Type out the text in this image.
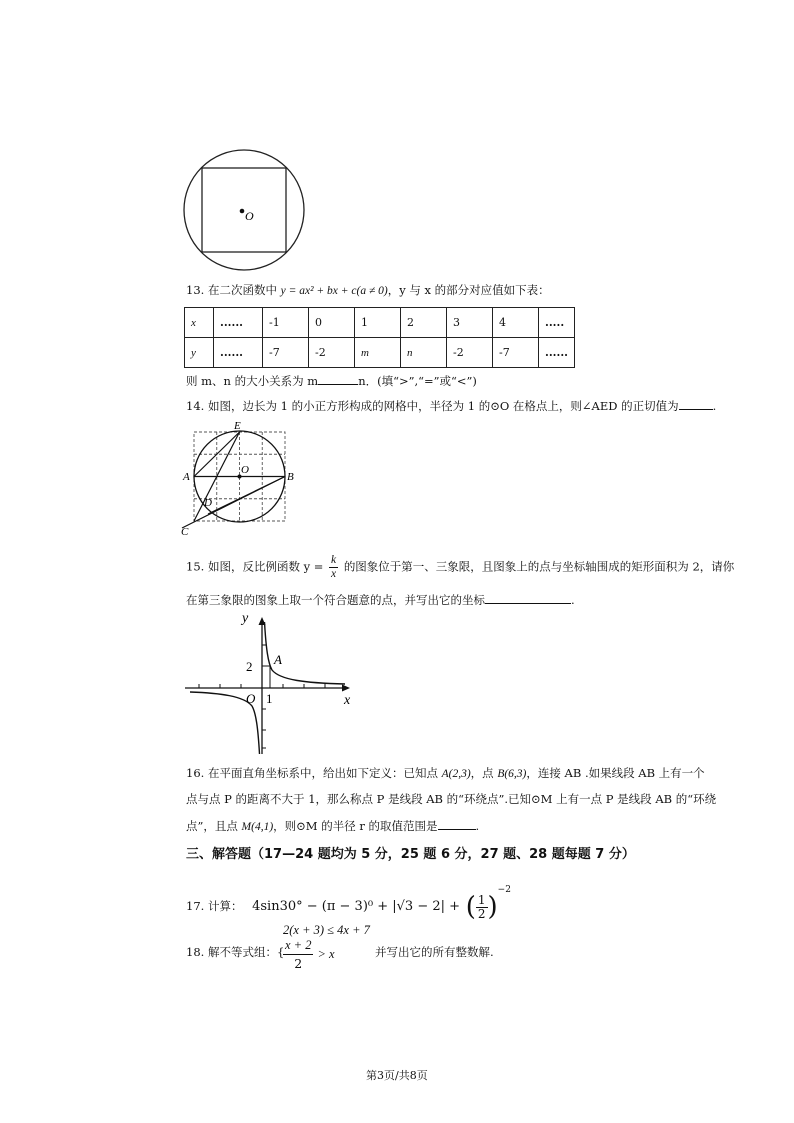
O
13. 在二次函数中 y = ax² + bx + c(a ≠ 0)，y 与 x 的部分对应值如下表：
x	......	-1	0	1	2	3	4	.....
y	......	-7	-2	m	n	-2	-7	......
则 m、n 的大小关系为 m	n．(填“>”,“=”或“<”)
14. 如图，边长为 1 的小正方形构成的网格中，半径为 1 的⊙O 在格点上，则∠AED 的正切值为	.
E
A
O
B
D
C
15. 如图，反比例函数 $y = \frac{k}{x}$ 的图象位于第一、三象限，且图象上的点与坐标轴围成的矩形面积为 2，请你
在第三象限的图象上取一个符合题意的点，并写出它的坐标	.
y
x
2 A
O 1
16. 在平面直角坐标系中，给出如下定义：已知点 A(2,3)，点 B(6,3)，连接 AB .如果线段 AB 上有一个
点与点 P 的距离不大于 1，那么称点 P 是线段 AB 的“环绕点”.已知⊙M 上有一点 P 是线段 AB 的“环绕
点”，且点 M(4,1)，则⊙M 的半径 r 的取值范围是	.
三、解答题（17—24 题均为 5 分，25 题 6 分，27 题、28 题每题 7 分）
17. 计算： 4sin30° − (π − 3)⁰ + |√3 − 2| + ( $\frac{1}{2} )^{-2}$
2(x + 3) ≤ 4x + 7
18. 解不等式组：{
$\frac{x + 2}{2} > x$	并写出它的所有整数解.
第3页/共8页
